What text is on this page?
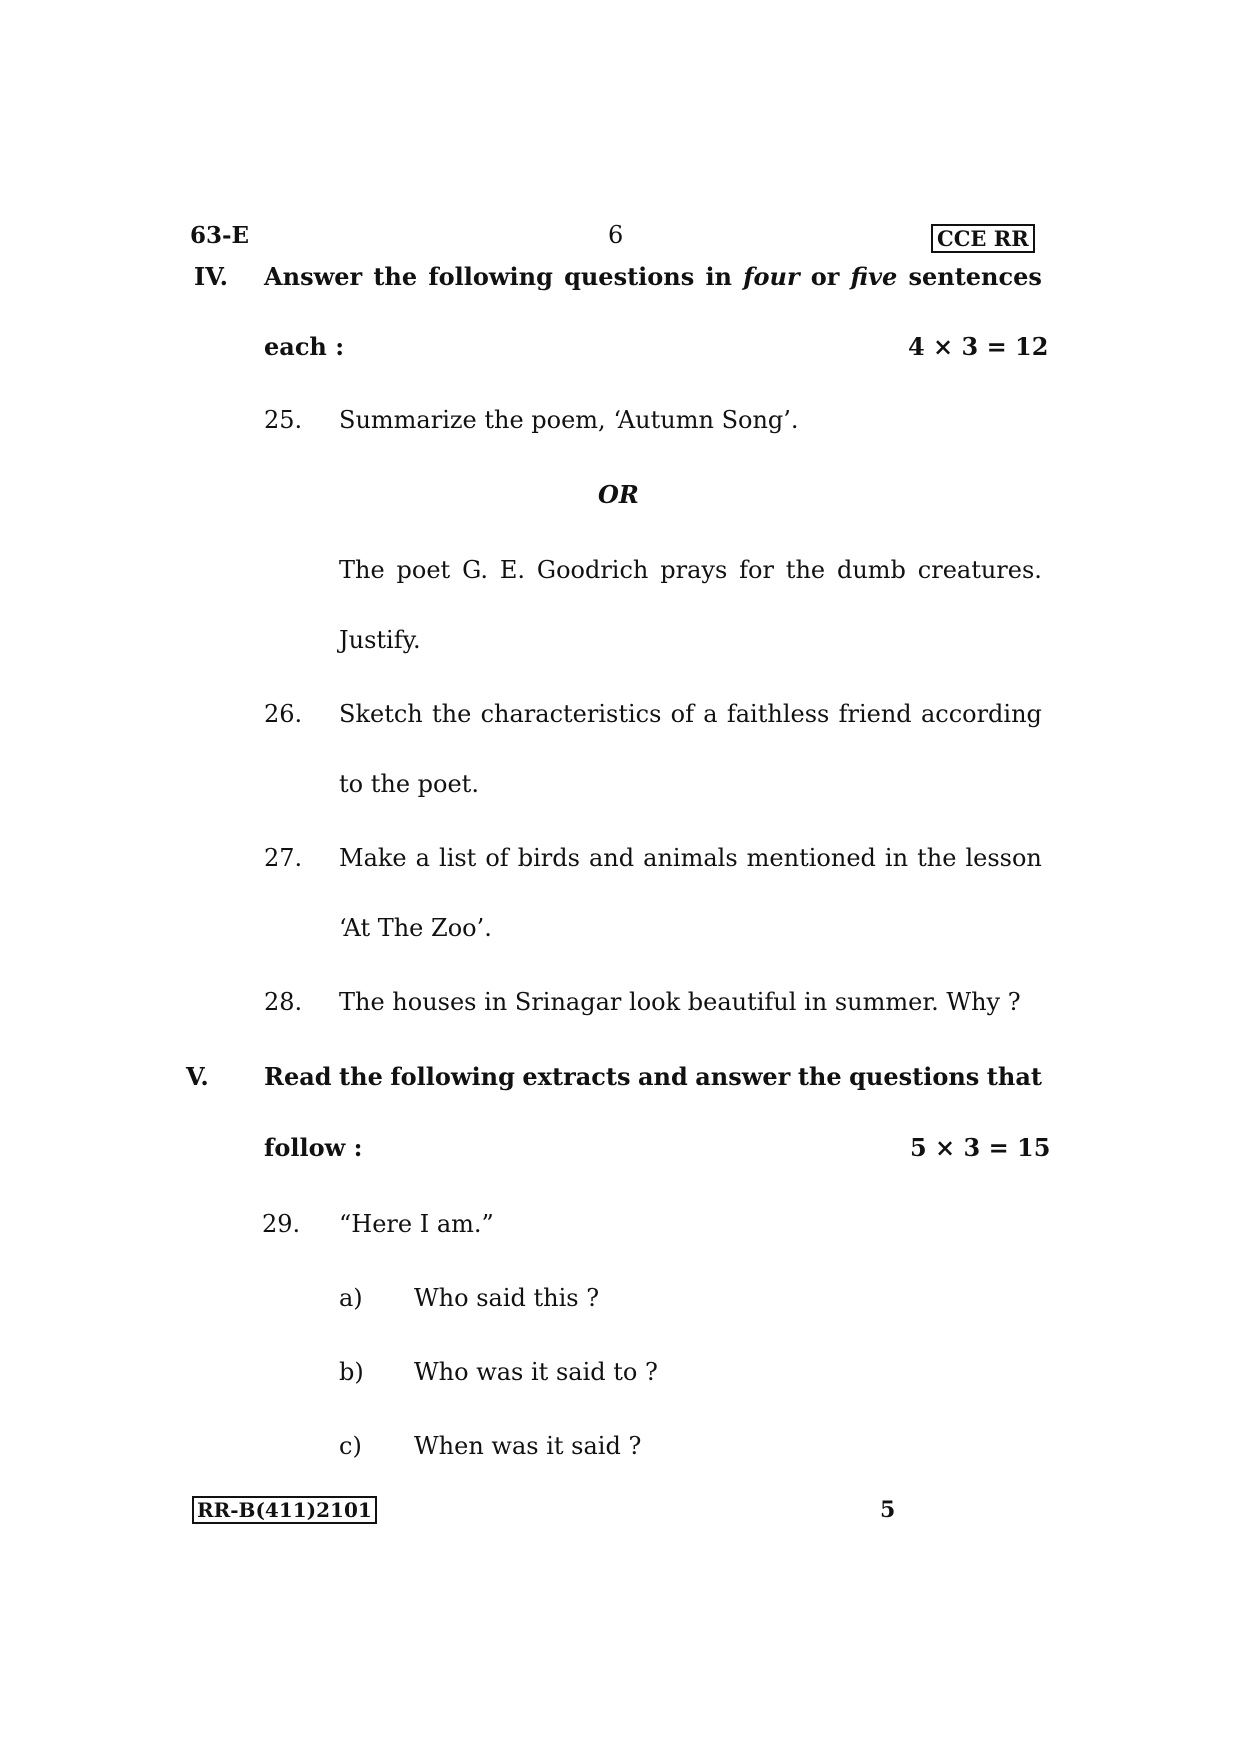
63-E	6	CCE RR
IV. Answer the following questions in four or five sentences
each :	4 × 3 = 12
25. Summarize the poem, ‘Autumn Song’.
OR
The poet G. E. Goodrich prays for the dumb creatures.
Justify.
26. Sketch the characteristics of a faithless friend according
to the poet.
27. Make a list of birds and animals mentioned in the lesson
‘At The Zoo’.
28. The houses in Srinagar look beautiful in summer. Why ?
V. Read the following extracts and answer the questions that
follow :	5 × 3 = 15
29. “Here I am.”
a) Who said this ?
b) Who was it said to ?
c) When was it said ?
RR-B(411)2101	5
